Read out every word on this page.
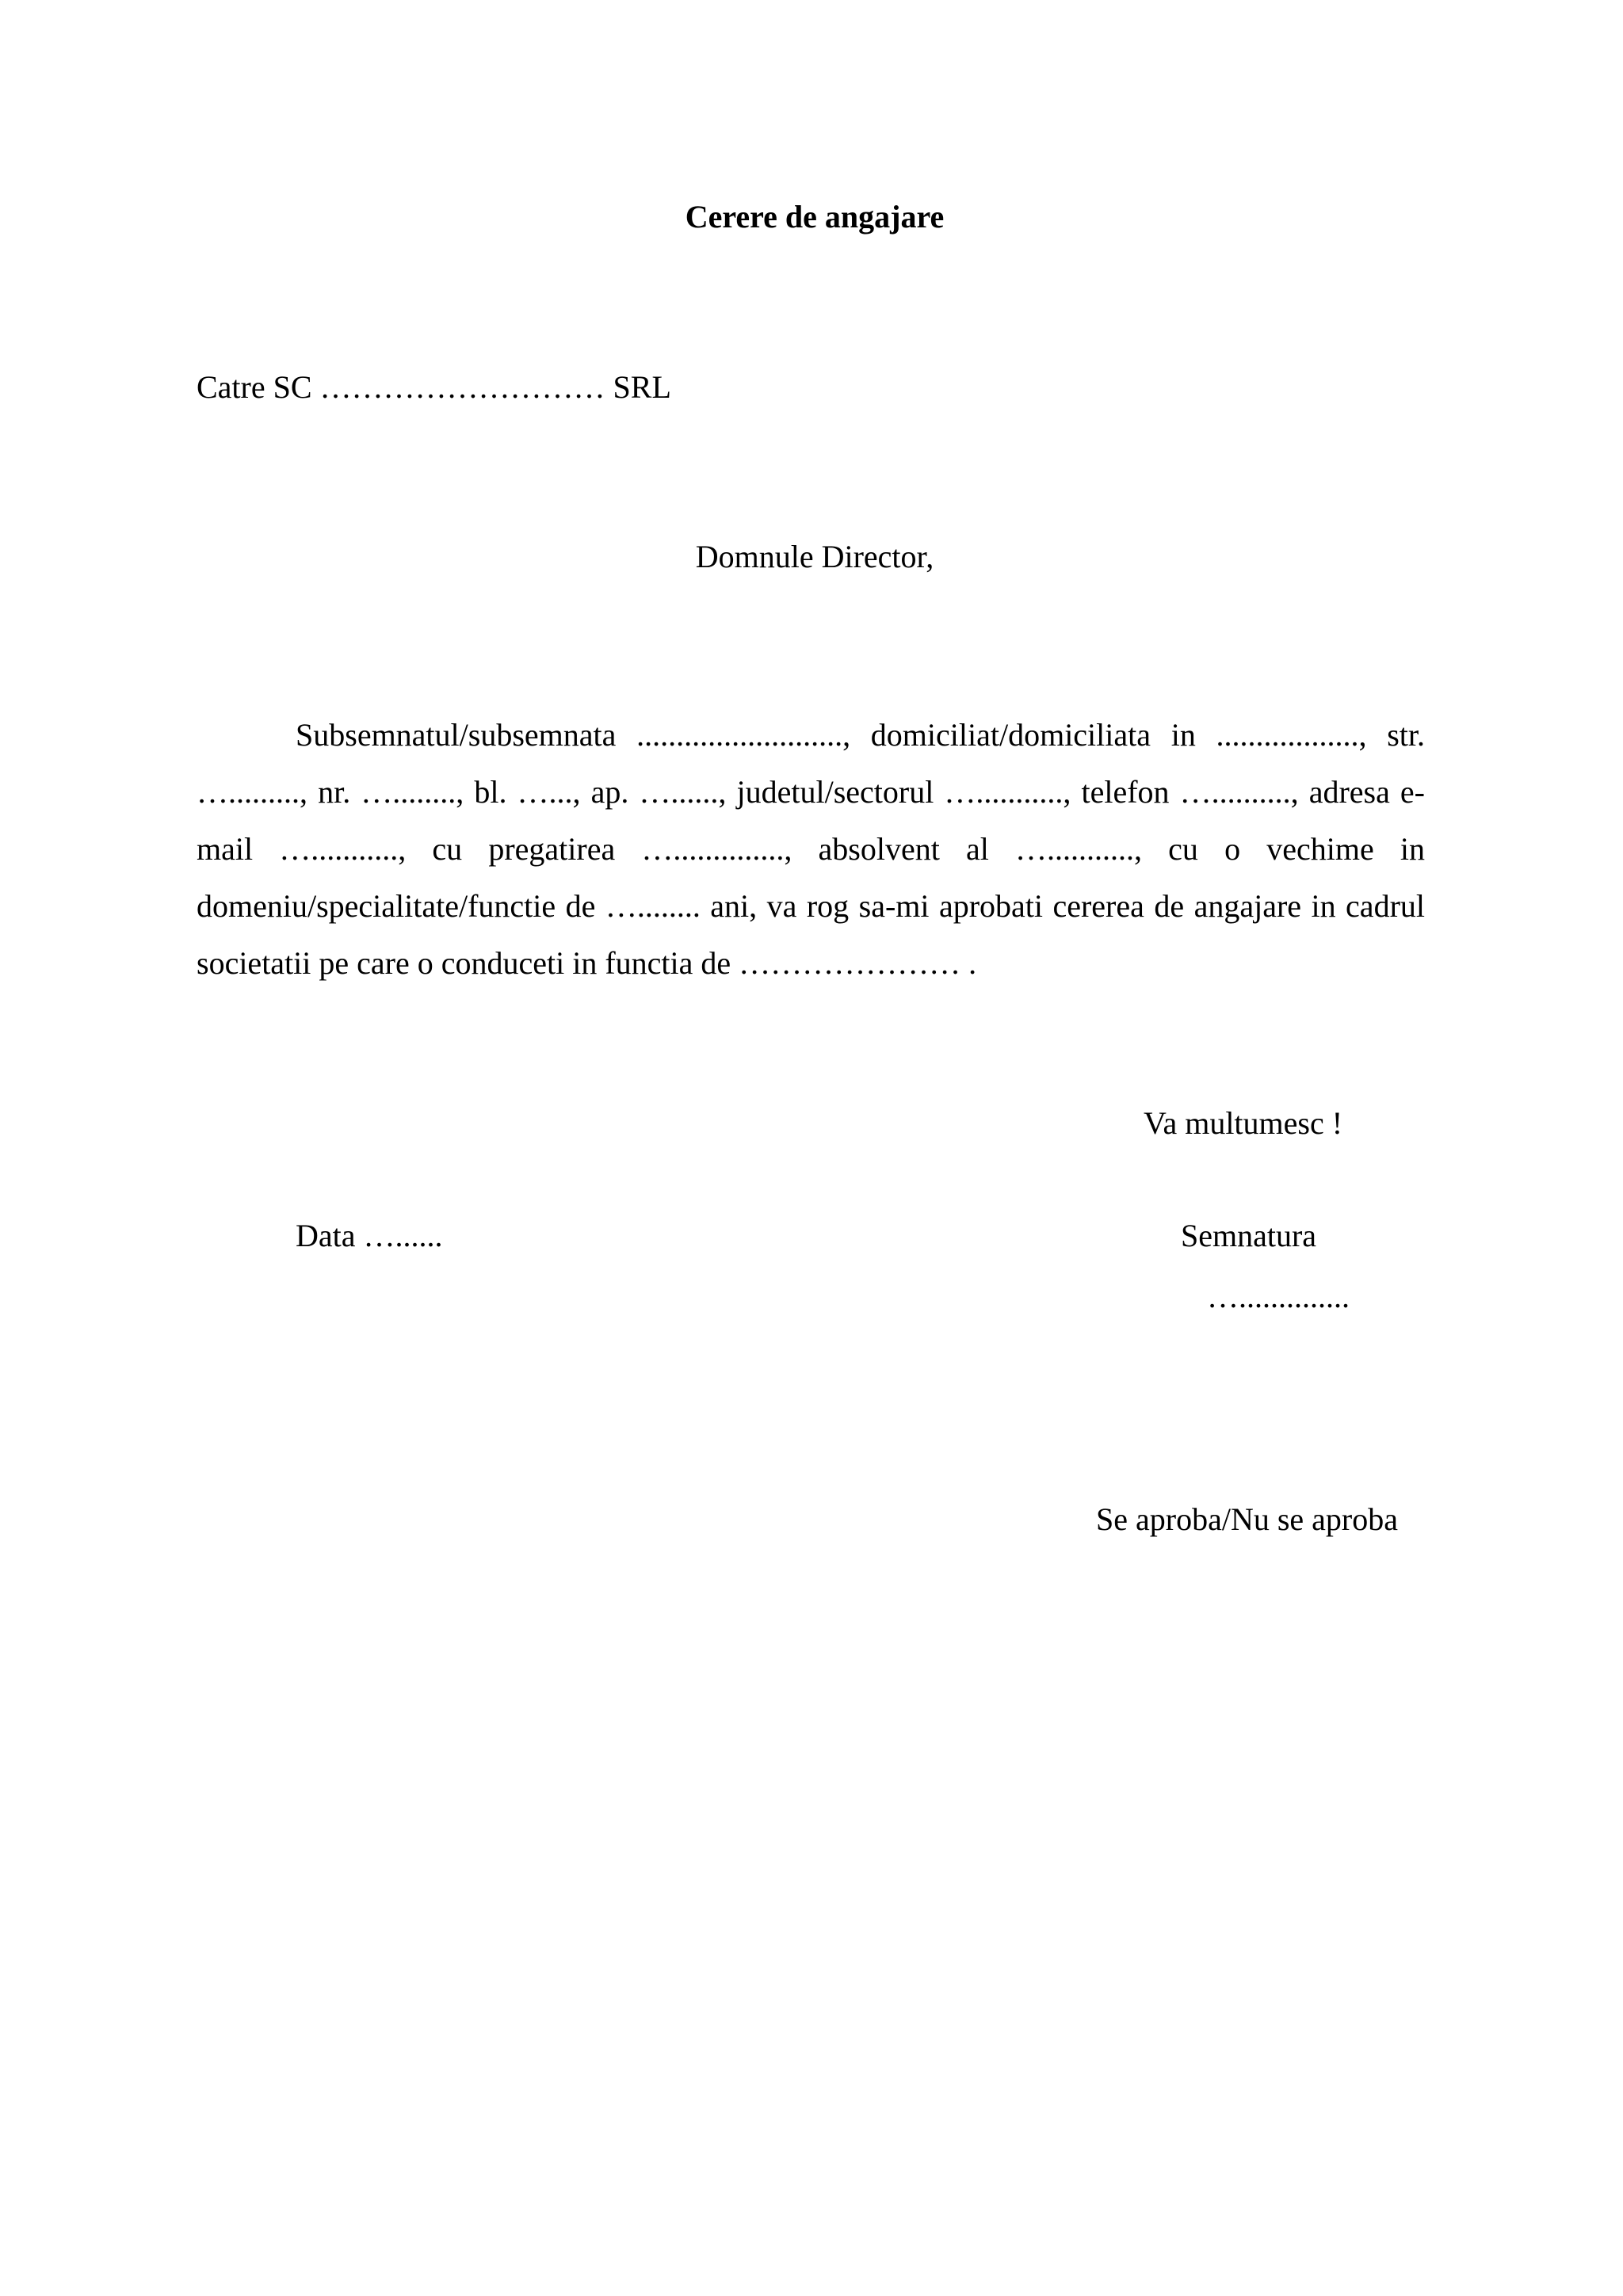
Cerere de angajare
Catre SC ……………………… SRL
Domnule Director,
Subsemnatul/subsemnata .........................., domiciliat/domiciliata in .................., str. …........., nr. …........, bl. …..., ap. …......, judetul/sectorul …..........., telefon ….........., adresa e-mail …..........., cu pregatirea ….............., absolvent al …..........., cu o vechime in domeniu/specialitate/functie de …........ ani, va rog sa-mi aprobati cererea de angajare in cadrul societatii pe care o conduceti in functia de ………………… .
Va multumesc !
Data …......	Semnatura
…..............
Se aproba/Nu se aproba
